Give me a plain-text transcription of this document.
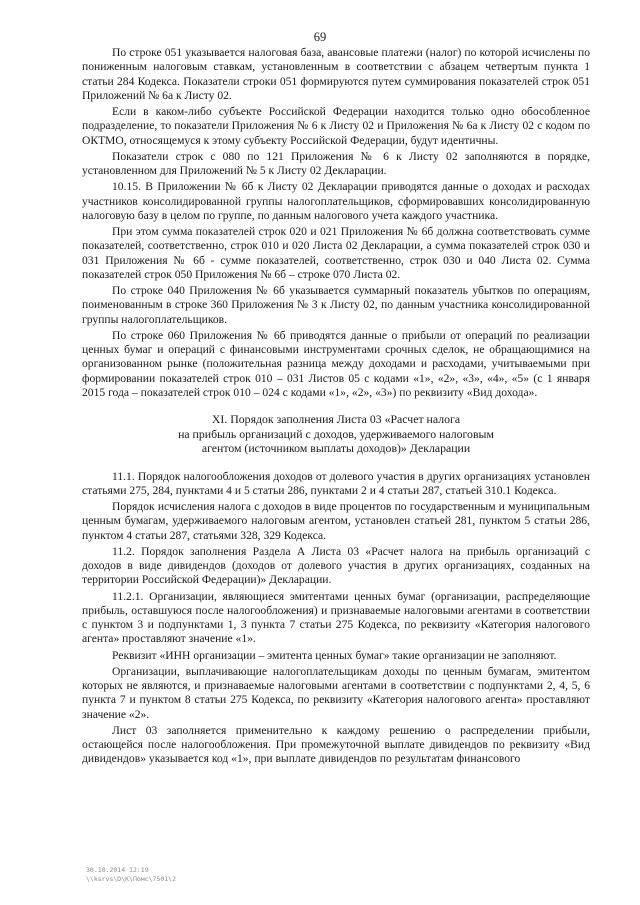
69

По строке 051 указывается налоговая база, авансовые платежи (налог) по которой исчислены по пониженным налоговым ставкам, установленным в соответствии с абзацем четвертым пункта 1 статьи 284 Кодекса. Показатели строки 051 формируются путем суммирования показателей строк 051 Приложений № 6а к Листу 02.

Если в каком-либо субъекте Российской Федерации находится только одно обособленное подразделение, то показатели Приложения № 6 к Листу 02 и Приложения № 6а к Листу 02 с кодом по ОКТМО, относящемуся к этому субъекту Российской Федерации, будут идентичны.

Показатели строк с 080 по 121 Приложения № 6 к Листу 02 заполняются в порядке, установленном для Приложений № 5 к Листу 02 Декларации.

10.15. В Приложении № 6б к Листу 02 Декларации приводятся данные о доходах и расходах участников консолидированной группы налогоплательщиков, сформировавших консолидированную налоговую базу в целом по группе, по данным налогового учета каждого участника.

При этом сумма показателей строк 020 и 021 Приложения № 6б должна соответствовать сумме показателей, соответственно, строк 010 и 020 Листа 02 Декларации, а сумма показателей строк 030 и 031 Приложения № 6б - сумме показателей, соответственно, строк 030 и 040 Листа 02. Сумма показателей строк 050 Приложения № 6б – строке 070 Листа 02.

По строке 040 Приложения № 6б указывается суммарный показатель убытков по операциям, поименованным в строке 360 Приложения № 3 к Листу 02, по данным участника консолидированной группы налогоплательщиков.

По строке 060 Приложения № 6б приводятся данные о прибыли от операций по реализации ценных бумаг и операций с финансовыми инструментами срочных сделок, не обращающимися на организованном рынке (положительная разница между доходами и расходами, учитываемыми при формировании показателей строк 010 – 031 Листов 05 с кодами «1», «2», «3», «4», «5» (с 1 января 2015 года – показателей строк 010 – 024 с кодами «1», «2», «3») по реквизиту «Вид дохода».

XI. Порядок заполнения Листа 03 «Расчет налога
на прибыль организаций с доходов, удерживаемого налоговым
агентом (источником выплаты доходов)» Декларации

11.1. Порядок налогообложения доходов от долевого участия в других организациях установлен статьями 275, 284, пунктами 4 и 5 статьи 286, пунктами 2 и 4 статьи 287, статьей 310.1 Кодекса.

Порядок исчисления налога с доходов в виде процентов по государственным и муниципальным ценным бумагам, удерживаемого налоговым агентом, установлен статьей 281, пунктом 5 статьи 286, пунктом 4 статьи 287, статьями 328, 329 Кодекса.

11.2. Порядок заполнения Раздела А Листа 03 «Расчет налога на прибыль организаций с доходов в виде дивидендов (доходов от долевого участия в других организациях, созданных на территории Российской Федерации)» Декларации.

11.2.1. Организации, являющиеся эмитентами ценных бумаг (организации, распределяющие прибыль, оставшуюся после налогообложения) и признаваемые налоговыми агентами в соответствии с пунктом 3 и подпунктами 1, 3 пункта 7 статьи 275 Кодекса, по реквизиту «Категория налогового агента» проставляют значение «1».

Реквизит «ИНН организации – эмитента ценных бумаг» такие организации не заполняют.

Организации, выплачивающие налогоплательщикам доходы по ценным бумагам, эмитентом которых не являются, и признаваемые налоговыми агентами в соответствии с подпунктами 2, 4, 5, 6 пункта 7 и пунктом 8 статьи 275 Кодекса, по реквизиту «Категория налогового агента» проставляют значение «2».

Лист 03 заполняется применительно к каждому решению о распределении прибыли, остающейся после налогообложения. При промежуточной выплате дивидендов по реквизиту «Вид дивидендов» указывается код «1», при выплате дивидендов по результатам финансового

30.10.2014 12:19
\\ksrvs\D\К\Помс\7501\2
